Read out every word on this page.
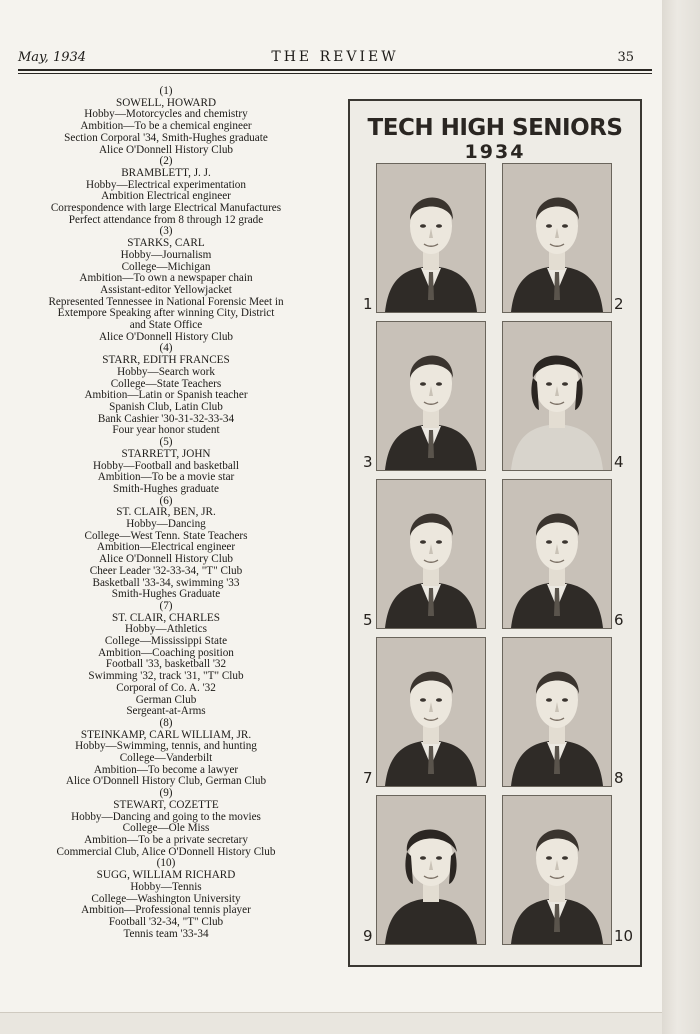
May, 1934	THE REVIEW	35
(1)
SOWELL, HOWARD
Hobby—Motorcycles and chemistry
Ambition—To be a chemical engineer
Section Corporal '34, Smith-Hughes graduate
Alice O'Donnell History Club
(2)
BRAMBLETT, J. J.
Hobby—Electrical experimentation
Ambition Electrical engineer
Correspondence with large Electrical Manufactures
Perfect attendance from 8 through 12 grade
(3)
STARKS, CARL
Hobby—Journalism
College—Michigan
Ambition—To own a newspaper chain
Assistant-editor Yellowjacket
Represented Tennessee in National Forensic Meet in
Extempore Speaking after winning City, District
and State Office
Alice O'Donnell History Club
(4)
STARR, EDITH FRANCES
Hobby—Search work
College—State Teachers
Ambition—Latin or Spanish teacher
Spanish Club, Latin Club
Bank Cashier '30-31-32-33-34
Four year honor student
(5)
STARRETT, JOHN
Hobby—Football and basketball
Ambition—To be a movie star
Smith-Hughes graduate
(6)
ST. CLAIR, BEN, JR.
Hobby—Dancing
College—West Tenn. State Teachers
Ambition—Electrical engineer
Alice O'Donnell History Club
Cheer Leader '32-33-34, "T" Club
Basketball '33-34, swimming '33
Smith-Hughes Graduate
(7)
ST. CLAIR, CHARLES
Hobby—Athletics
College—Mississippi State
Ambition—Coaching position
Football '33, basketball '32
Swimming '32, track '31, "T" Club
Corporal of Co. A. '32
German Club
Sergeant-at-Arms
(8)
STEINKAMP, CARL WILLIAM, JR.
Hobby—Swimming, tennis, and hunting
College—Vanderbilt
Ambition—To become a lawyer
Alice O'Donnell History Club, German Club
(9)
STEWART, COZETTE
Hobby—Dancing and going to the movies
College—Ole Miss
Ambition—To be a private secretary
Commercial Club, Alice O'Donnell History Club
(10)
SUGG, WILLIAM RICHARD
Hobby—Tennis
College—Washington University
Ambition—Professional tennis player
Football '32-34, "T" Club
Tennis team '33-34
TECH HIGH SENIORS
1934
1	2
3	4
5	6
7	8
9	10
